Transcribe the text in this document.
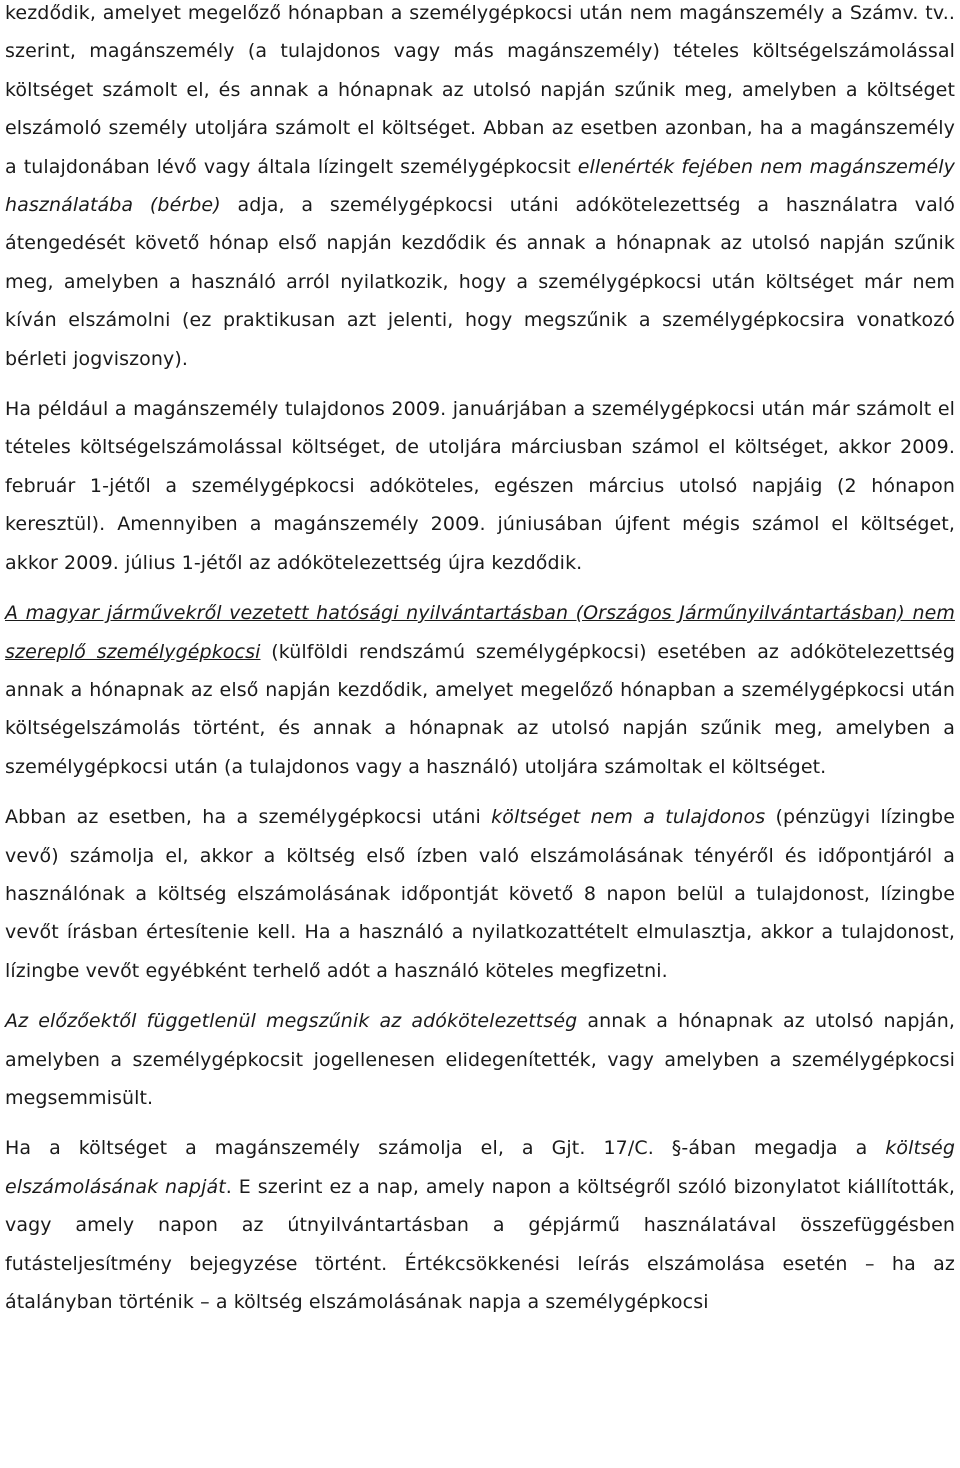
kezdődik, amelyet megelőző hónapban a személygépkocsi után nem magánszemély a Számv. tv.. szerint, magánszemély (a tulajdonos vagy más magánszemély) tételes költségelszámolással költséget számolt el, és annak a hónapnak az utolsó napján szűnik meg, amelyben a költséget elszámoló személy utoljára számolt el költséget. Abban az esetben azonban, ha a magánszemély a tulajdonában lévő vagy általa lízingelt személygépkocsit ellenérték fejében nem magánszemély használatába (bérbe) adja, a személygépkocsi utáni adókötelezettség a használatra való átengedését követő hónap első napján kezdődik és annak a hónapnak az utolsó napján szűnik meg, amelyben a használó arról nyilatkozik, hogy a személygépkocsi után költséget már nem kíván elszámolni (ez praktikusan azt jelenti, hogy megszűnik a személygépkocsira vonatkozó bérleti jogviszony).

Ha például a magánszemély tulajdonos 2009. januárjában a személygépkocsi után már számolt el tételes költségelszámolással költséget, de utoljára márciusban számol el költséget, akkor 2009. február 1-jétől a személygépkocsi adóköteles, egészen március utolsó napjáig (2 hónapon keresztül). Amennyiben a magánszemély 2009. júniusában újfent mégis számol el költséget, akkor 2009. július 1-jétől az adókötelezettség újra kezdődik.

A magyar járművekről vezetett hatósági nyilvántartásban (Országos Járműnyilvántartásban) nem szereplő személygépkocsi (külföldi rendszámú személygépkocsi) esetében az adókötelezettség annak a hónapnak az első napján kezdődik, amelyet megelőző hónapban a személygépkocsi után költségelszámolás történt, és annak a hónapnak az utolsó napján szűnik meg, amelyben a személygépkocsi után (a tulajdonos vagy a használó) utoljára számoltak el költséget.

Abban az esetben, ha a személygépkocsi utáni költséget nem a tulajdonos (pénzügyi lízingbe vevő) számolja el, akkor a költség első ízben való elszámolásának tényéről és időpontjáról a használónak a költség elszámolásának időpontját követő 8 napon belül a tulajdonost, lízingbe vevőt írásban értesítenie kell. Ha a használó a nyilatkozattételt elmulasztja, akkor a tulajdonost, lízingbe vevőt egyébként terhelő adót a használó köteles megfizetni.

Az előzőektől függetlenül megszűnik az adókötelezettség annak a hónapnak az utolsó napján, amelyben a személygépkocsit jogellenesen elidegenítették, vagy amelyben a személygépkocsi megsemmisült.

Ha a költséget a magánszemély számolja el, a Gjt. 17/C. §-ában megadja a költség elszámolásának napját. E szerint ez a nap, amely napon a költségről szóló bizonylatot kiállították, vagy amely napon az útnyilvántartásban a gépjármű használatával összefüggésben futásteljesítmény bejegyzése történt. Értékcsökkenési leírás elszámolása esetén – ha az átalányban történik – a költség elszámolásának napja a személygépkocsi
